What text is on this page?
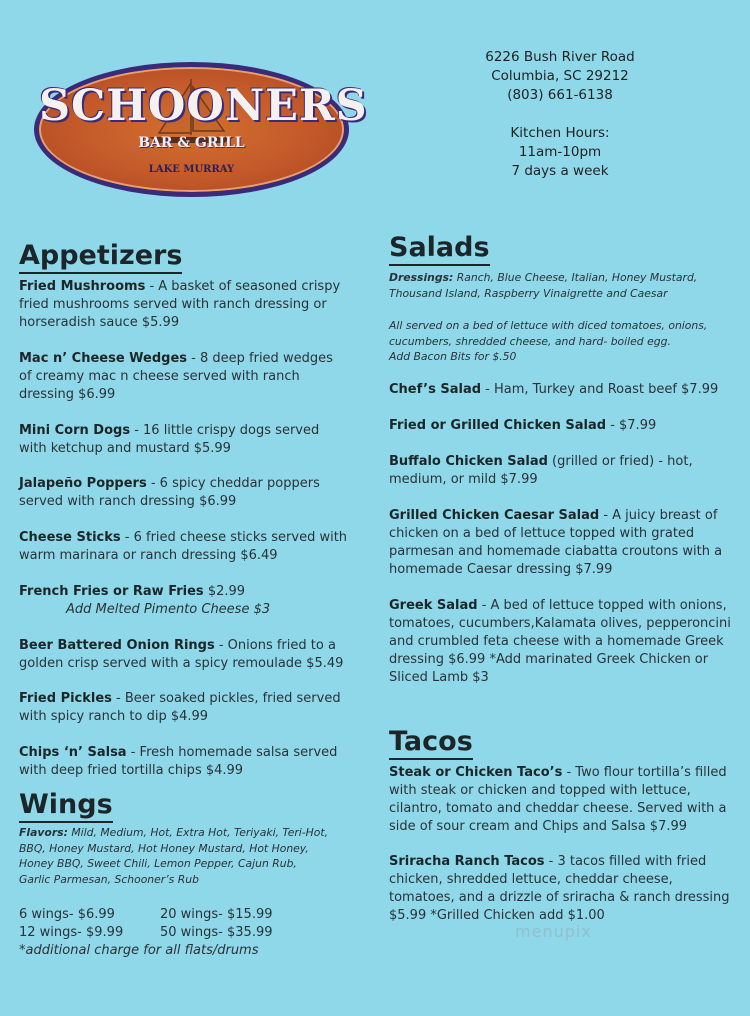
SCHOONERS
BAR & GRILL
LAKE MURRAY
6226 Bush River Road
Columbia, SC 29212
(803) 661-6138
Kitchen Hours:
11am-10pm
7 days a week
Appetizers
Fried Mushrooms - A basket of seasoned crispy fried mushrooms served with ranch dressing or horseradish sauce $5.99
Mac n’ Cheese Wedges - 8 deep fried wedges of creamy mac n cheese served with ranch dressing $6.99
Mini Corn Dogs - 16 little crispy dogs served with ketchup and mustard $5.99
Jalapeño Poppers - 6 spicy cheddar poppers served with ranch dressing $6.99
Cheese Sticks - 6 fried cheese sticks served with warm marinara or ranch dressing $6.49
French Fries or Raw Fries $2.99
Add Melted Pimento Cheese $3
Beer Battered Onion Rings - Onions fried to a golden crisp served with a spicy remoulade $5.49
Fried Pickles - Beer soaked pickles, fried served with spicy ranch to dip $4.99
Chips ‘n’ Salsa - Fresh homemade salsa served with deep fried tortilla chips $4.99
Wings
Flavors: Mild, Medium, Hot, Extra Hot, Teriyaki, Teri-Hot, BBQ, Honey Mustard, Hot Honey Mustard, Hot Honey, Honey BBQ, Sweet Chili, Lemon Pepper, Cajun Rub, Garlic Parmesan, Schooner’s Rub
6 wings- $6.99	20 wings- $15.99
12 wings- $9.99	50 wings- $35.99
*additional charge for all flats/drums
Salads
Dressings: Ranch, Blue Cheese, Italian, Honey Mustard, Thousand Island, Raspberry Vinaigrette and Caesar
All served on a bed of lettuce with diced tomatoes, onions, cucumbers, shredded cheese, and hard- boiled egg.
Add Bacon Bits for $.50
Chef’s Salad - Ham, Turkey and Roast beef $7.99
Fried or Grilled Chicken Salad - $7.99
Buffalo Chicken Salad (grilled or fried) - hot, medium, or mild $7.99
Grilled Chicken Caesar Salad - A juicy breast of chicken on a bed of lettuce topped with grated parmesan and homemade ciabatta croutons with a homemade Caesar dressing $7.99
Greek Salad - A bed of lettuce topped with onions, tomatoes, cucumbers,Kalamata olives, pepperoncini and crumbled feta cheese with a homemade Greek dressing $6.99 *Add marinated Greek Chicken or Sliced Lamb $3
Tacos
Steak or Chicken Taco’s - Two flour tortilla’s filled with steak or chicken and topped with lettuce, cilantro, tomato and cheddar cheese. Served with a side of sour cream and Chips and Salsa $7.99
Sriracha Ranch Tacos - 3 tacos filled with fried chicken, shredded lettuce, cheddar cheese, tomatoes, and a drizzle of sriracha & ranch dressing $5.99 *Grilled Chicken add $1.00
menupix
